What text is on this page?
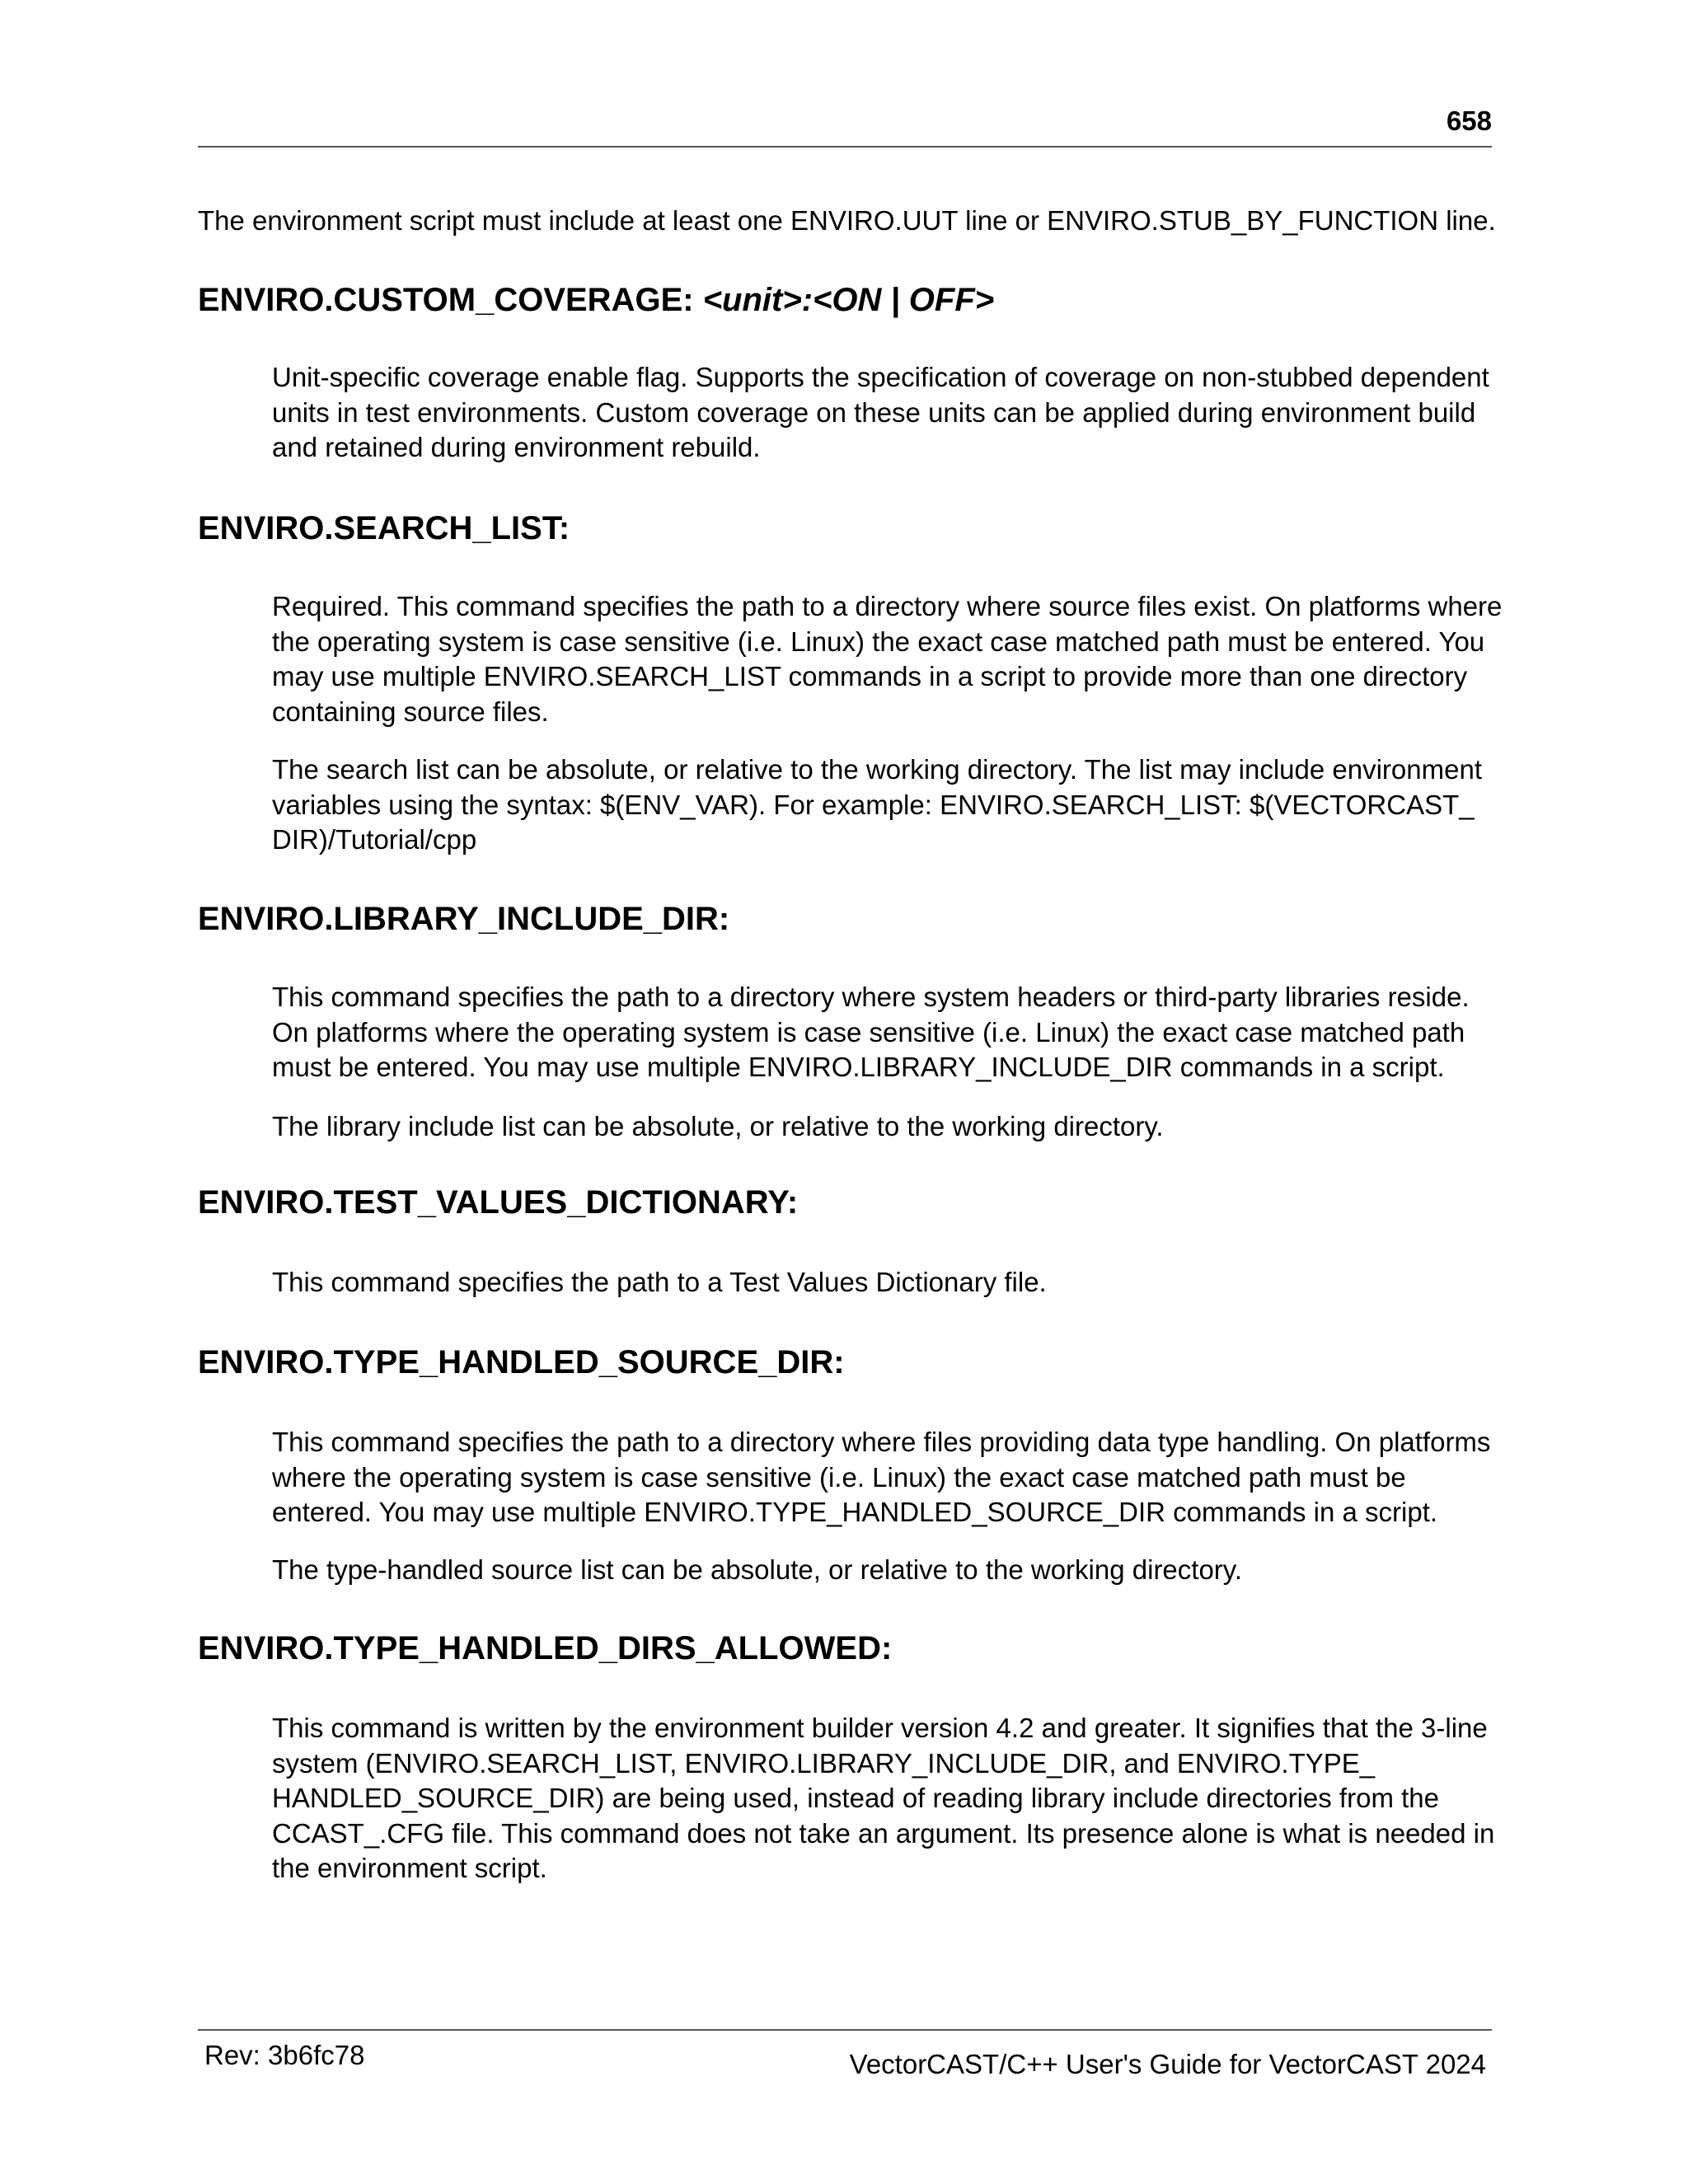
658

The environment script must include at least one ENVIRO.UUT line or ENVIRO.STUB_BY_FUNCTION line.

ENVIRO.CUSTOM_COVERAGE: <unit>:<ON | OFF>

Unit-specific coverage enable flag. Supports the specification of coverage on non-stubbed dependent units in test environments. Custom coverage on these units can be applied during environment build and retained during environment rebuild.

ENVIRO.SEARCH_LIST:

Required. This command specifies the path to a directory where source files exist. On platforms where the operating system is case sensitive (i.e. Linux) the exact case matched path must be entered. You may use multiple ENVIRO.SEARCH_LIST commands in a script to provide more than one directory containing source files.

The search list can be absolute, or relative to the working directory. The list may include environment variables using the syntax: $(ENV_VAR). For example: ENVIRO.SEARCH_LIST: $(VECTORCAST_ DIR)/Tutorial/cpp

ENVIRO.LIBRARY_INCLUDE_DIR:

This command specifies the path to a directory where system headers or third-party libraries reside. On platforms where the operating system is case sensitive (i.e. Linux) the exact case matched path must be entered. You may use multiple ENVIRO.LIBRARY_INCLUDE_DIR commands in a script.

The library include list can be absolute, or relative to the working directory.

ENVIRO.TEST_VALUES_DICTIONARY:

This command specifies the path to a Test Values Dictionary file.

ENVIRO.TYPE_HANDLED_SOURCE_DIR:

This command specifies the path to a directory where files providing data type handling. On platforms where the operating system is case sensitive (i.e. Linux) the exact case matched path must be entered. You may use multiple ENVIRO.TYPE_HANDLED_SOURCE_DIR commands in a script.

The type-handled source list can be absolute, or relative to the working directory.

ENVIRO.TYPE_HANDLED_DIRS_ALLOWED:

This command is written by the environment builder version 4.2 and greater. It signifies that the 3-line system (ENVIRO.SEARCH_LIST, ENVIRO.LIBRARY_INCLUDE_DIR, and ENVIRO.TYPE_ HANDLED_SOURCE_DIR) are being used, instead of reading library include directories from the CCAST_.CFG file. This command does not take an argument. Its presence alone is what is needed in the environment script.

Rev: 3b6fc78	VectorCAST/C++ User's Guide for VectorCAST 2024
